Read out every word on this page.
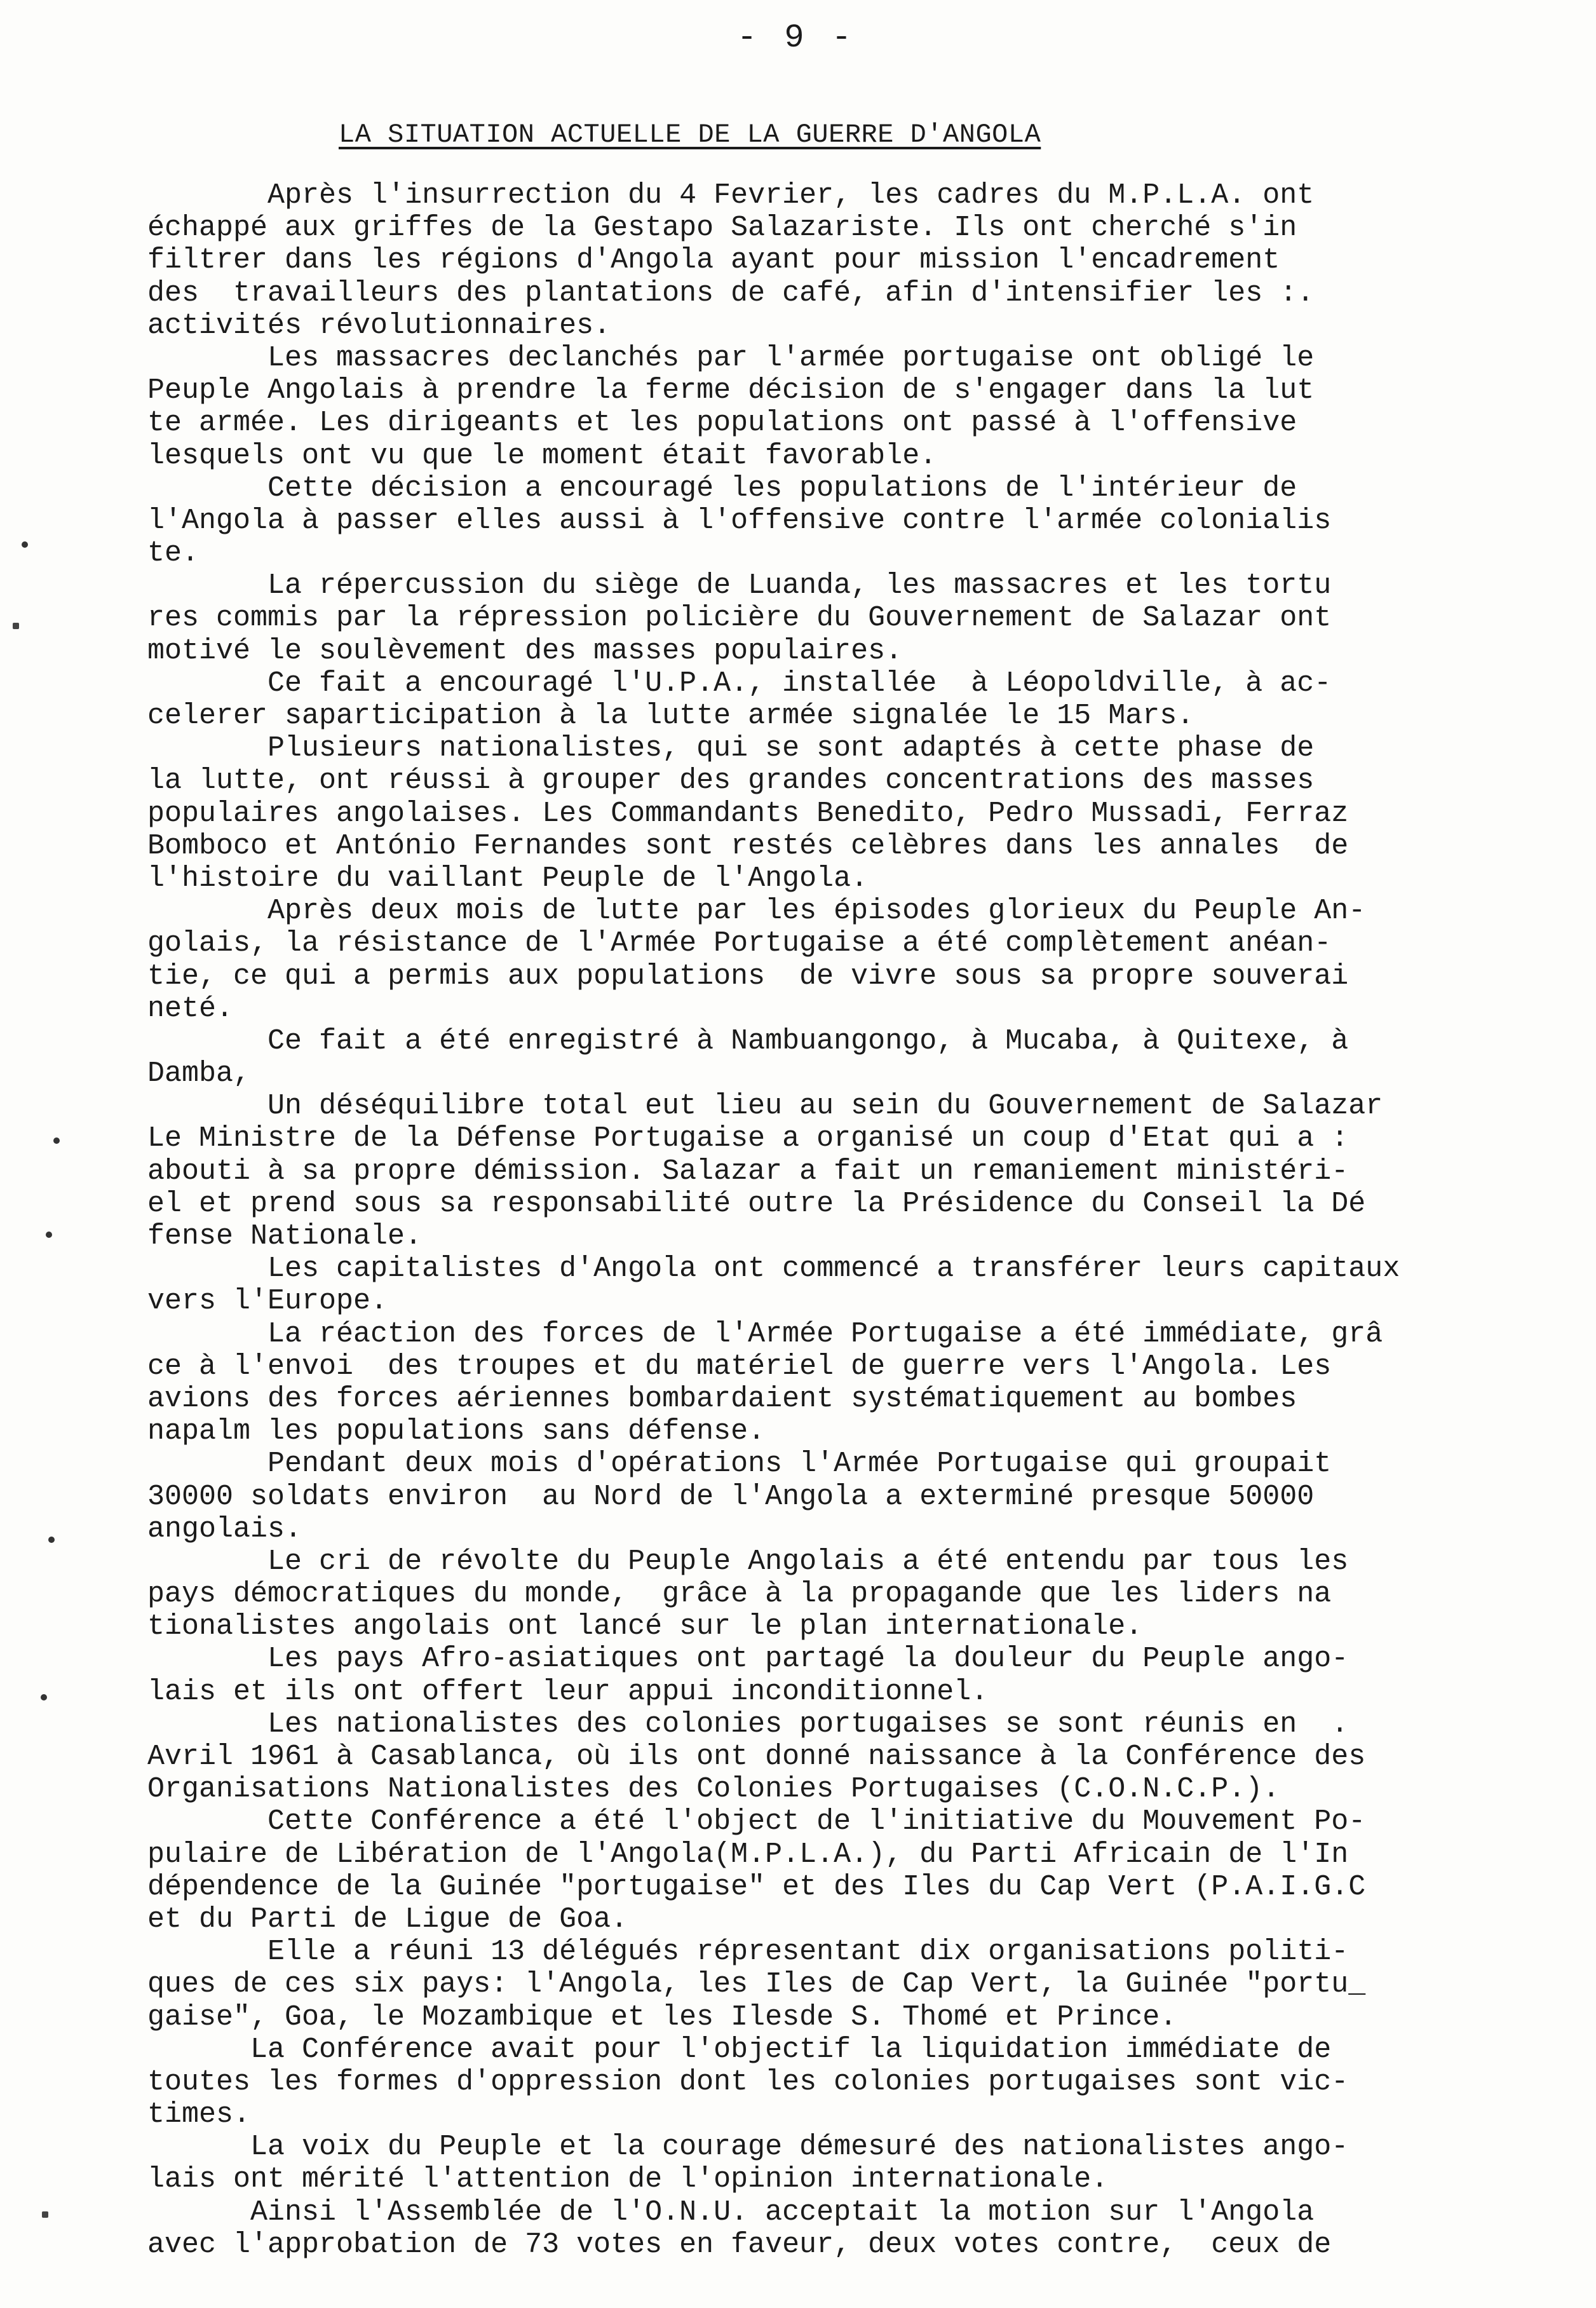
- 9 -
LA SITUATION ACTUELLE DE LA GUERRE D'ANGOLA
Après l'insurrection du 4 Fevrier, les cadres du M.P.L.A. ont
échappé aux griffes de la Gestapo Salazariste. Ils ont cherché s'in
filtrer dans les régions d'Angola ayant pour mission l'encadrement
des  travailleurs des plantations de café, afin d'intensifier les :.
activités révolutionnaires.
Les massacres declanchés par l'armée portugaise ont obligé le
Peuple Angolais à prendre la ferme décision de s'engager dans la lut
te armée. Les dirigeants et les populations ont passé à l'offensive
lesquels ont vu que le moment était favorable.
Cette décision a encouragé les populations de l'intérieur de
l'Angola à passer elles aussi à l'offensive contre l'armée colonialis
te.
La répercussion du siège de Luanda, les massacres et les tortu
res commis par la répression policière du Gouvernement de Salazar ont
motivé le soulèvement des masses populaires.
Ce fait a encouragé l'U.P.A., installée  à Léopoldville, à ac-
celerer saparticipation à la lutte armée signalée le 15 Mars.
Plusieurs nationalistes, qui se sont adaptés à cette phase de
la lutte, ont réussi à grouper des grandes concentrations des masses
populaires angolaises. Les Commandants Benedito, Pedro Mussadi, Ferraz
Bomboco et António Fernandes sont restés celèbres dans les annales  de
l'histoire du vaillant Peuple de l'Angola.
Après deux mois de lutte par les épisodes glorieux du Peuple An-
golais, la résistance de l'Armée Portugaise a été complètement anéan-
tie, ce qui a permis aux populations  de vivre sous sa propre souverai
neté.
Ce fait a été enregistré à Nambuangongo, à Mucaba, à Quitexe, à
Damba,
Un déséquilibre total eut lieu au sein du Gouvernement de Salazar
Le Ministre de la Défense Portugaise a organisé un coup d'Etat qui a :
abouti à sa propre démission. Salazar a fait un remaniement ministéri-
el et prend sous sa responsabilité outre la Présidence du Conseil la Dé
fense Nationale.
Les capitalistes d'Angola ont commencé a transférer leurs capitaux
vers l'Europe.
La réaction des forces de l'Armée Portugaise a été immédiate, grâ
ce à l'envoi  des troupes et du matériel de guerre vers l'Angola. Les
avions des forces aériennes bombardaient systématiquement au bombes
napalm les populations sans défense.
Pendant deux mois d'opérations l'Armée Portugaise qui groupait
30000 soldats environ  au Nord de l'Angola a exterminé presque 50000
angolais.
Le cri de révolte du Peuple Angolais a été entendu par tous les
pays démocratiques du monde,  grâce à la propagande que les liders na
tionalistes angolais ont lancé sur le plan internationale.
Les pays Afro-asiatiques ont partagé la douleur du Peuple ango-
lais et ils ont offert leur appui inconditionnel.
Les nationalistes des colonies portugaises se sont réunis en  .
Avril 1961 à Casablanca, où ils ont donné naissance à la Conférence des
Organisations Nationalistes des Colonies Portugaises (C.O.N.C.P.).
Cette Conférence a été l'object de l'initiative du Mouvement Po-
pulaire de Libération de l'Angola(M.P.L.A.), du Parti Africain de l'In
dépendence de la Guinée "portugaise" et des Iles du Cap Vert (P.A.I.G.C
et du Parti de Ligue de Goa.
Elle a réuni 13 délégués répresentant dix organisations politi-
ques de ces six pays: l'Angola, les Iles de Cap Vert, la Guinée "portu_
gaise", Goa, le Mozambique et les Ilesde S. Thomé et Prince.
La Conférence avait pour l'objectif la liquidation immédiate de
toutes les formes d'oppression dont les colonies portugaises sont vic-
times.
La voix du Peuple et la courage démesuré des nationalistes ango-
lais ont mérité l'attention de l'opinion internationale.
Ainsi l'Assemblée de l'O.N.U. acceptait la motion sur l'Angola
avec l'approbation de 73 votes en faveur, deux votes contre,  ceux de
